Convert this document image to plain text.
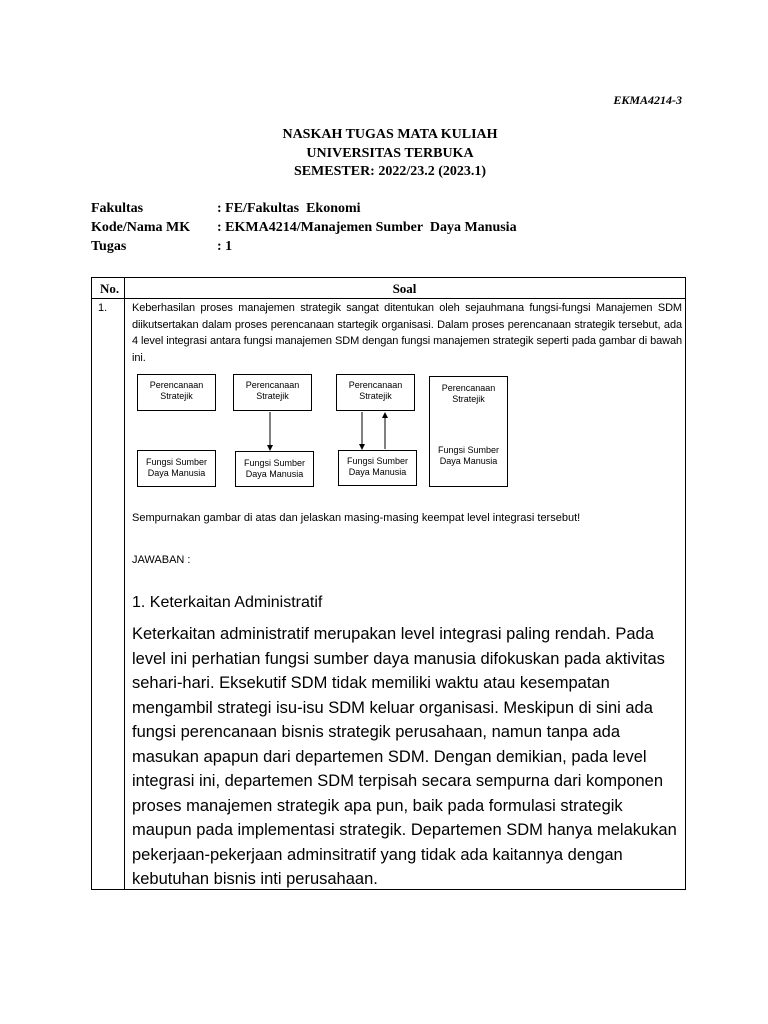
EKMA4214-3
NASKAH TUGAS MATA KULIAH
UNIVERSITAS TERBUKA
SEMESTER: 2022/23.2 (2023.1)
Fakultas	: FE/Fakultas  Ekonomi
Kode/Nama MK	: EKMA4214/Manajemen Sumber  Daya Manusia
Tugas	: 1
No.	Soal
1. Keberhasilan proses manajemen strategik sangat ditentukan oleh sejauhmana fungsi-fungsi Manajemen SDM diikutsertakan dalam proses perencanaan startegik organisasi. Dalam proses perencanaan strategik tersebut, ada 4 level integrasi antara fungsi manajemen SDM dengan fungsi manajemen strategik seperti pada gambar di bawah ini.

Perencanaan Stratejik
Fungsi Sumber Daya Manusia
Perencanaan Stratejik
Fungsi Sumber Daya Manusia
Perencanaan Stratejik
Fungsi Sumber Daya Manusia
Perencanaan Stratejik
Fungsi Sumber Daya Manusia
Sempurnakan gambar di atas dan jelaskan masing-masing keempat level integrasi tersebut!
JAWABAN :
1. Keterkaitan Administratif
Keterkaitan administratif merupakan level integrasi paling rendah. Pada level ini perhatian fungsi sumber daya manusia difokuskan pada aktivitas sehari-hari. Eksekutif SDM tidak memiliki waktu atau kesempatan mengambil strategi isu-isu SDM keluar organisasi. Meskipun di sini ada fungsi perencanaan bisnis strategik perusahaan, namun tanpa ada masukan apapun dari departemen SDM. Dengan demikian, pada level integrasi ini, departemen SDM terpisah secara sempurna dari komponen proses manajemen strategik apa pun, baik pada formulasi strategik maupun pada implementasi strategik. Departemen SDM hanya melakukan pekerjaan-pekerjaan adminsitratif yang tidak ada kaitannya dengan kebutuhan bisnis inti perusahaan.
